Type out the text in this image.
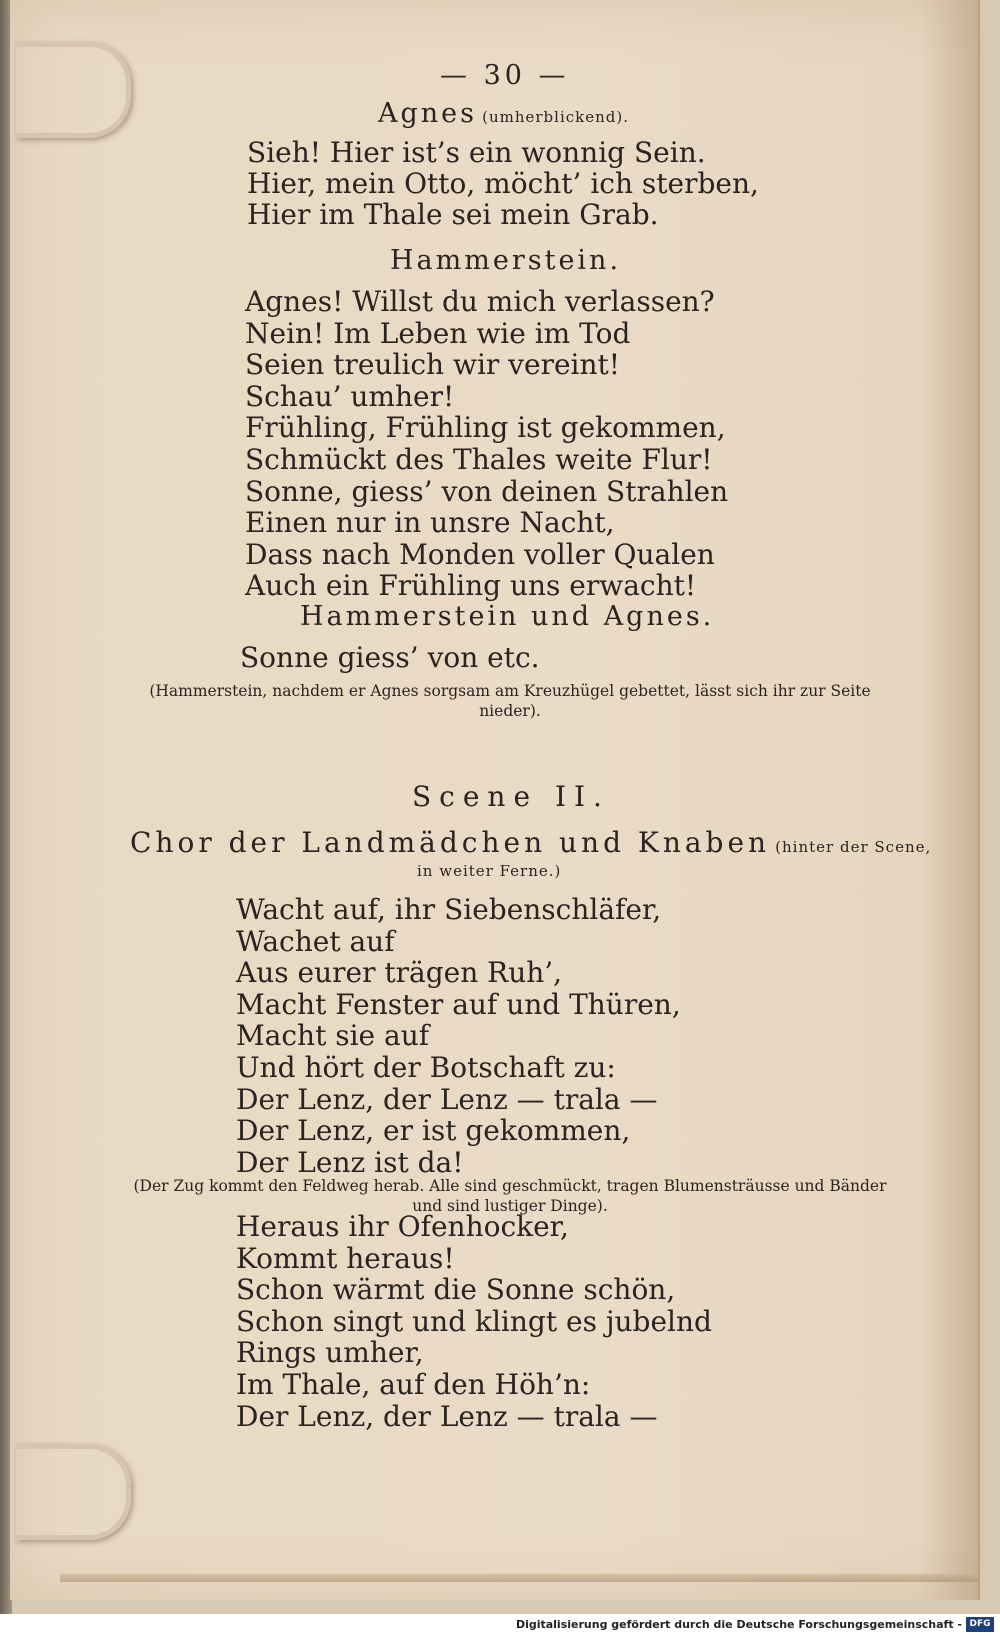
— 30 —
Agnes (umherblickend).
Sieh! Hier ist’s ein wonnig Sein.
Hier, mein Otto, möcht’ ich sterben,
Hier im Thale sei mein Grab.
Hammerstein.
Agnes! Willst du mich verlassen?
Nein! Im Leben wie im Tod
Seien treulich wir vereint!
Schau’ umher!
Frühling, Frühling ist gekommen,
Schmückt des Thales weite Flur!
Sonne, giess’ von deinen Strahlen
Einen nur in unsre Nacht,
Dass nach Monden voller Qualen
Auch ein Frühling uns erwacht!
Hammerstein und Agnes.
Sonne giess’ von etc.
(Hammerstein, nachdem er Agnes sorgsam am Kreuzhügel gebettet, lässt sich ihr zur Seite nieder).
Scene II.
Chor der Landmädchen und Knaben (hinter der Scene,
in weiter Ferne.)
Wacht auf, ihr Siebenschläfer,
Wachet auf
Aus eurer trägen Ruh’,
Macht Fenster auf und Thüren,
Macht sie auf
Und hört der Botschaft zu:
Der Lenz, der Lenz — trala —
Der Lenz, er ist gekommen,
Der Lenz ist da!
(Der Zug kommt den Feldweg herab. Alle sind geschmückt, tragen Blumensträusse und Bänder und sind lustiger Dinge).
Heraus ihr Ofenhocker,
Kommt heraus!
Schon wärmt die Sonne schön,
Schon singt und klingt es jubelnd
Rings umher,
Im Thale, auf den Höh’n:
Der Lenz, der Lenz — trala —
Digitalisierung gefördert durch die Deutsche Forschungsgemeinschaft - DFG
